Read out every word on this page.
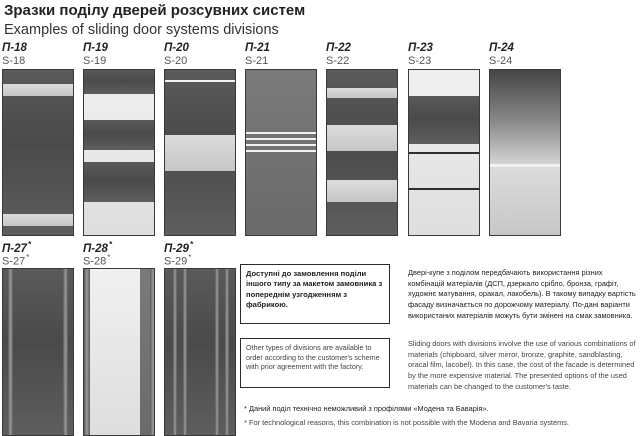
Зразки поділу дверей розсувних систем
Examples of sliding door systems divisions
П-18
S-18
П-19
S-19
П-20
S-20
П-21
S-21
П-22
S-22
П-23
S-23
П-24
S-24
П-27*
S-27*
П-28*
S-28*
П-29*
S-29*
Доступні до замовлення поділи іншого типу за макетом замовника з попереднім узгодженням з фабрикою.
Other types of divisions are available to order according to the customer's scheme with prior agreement with the factory.
Двері-купе з поділом передбачають використання різних комбінацій матеріалів (ДСП, дзеркало срібло, бронза, графіт, художнє матування, оракал, лакобель). В такому випадку вартість фасаду визначається по дорожчому матеріалу. По-дані варіанти використаних матеріалів можуть бути змінені на смак замовника.
Sliding doors with divisions involve the use of various combinations of materials (chipboard, silver mirror, bronze, graphite, sandblasting, oracal film, lacobel). In this case, the cost of the facade is determined by the more expensive material. The presented options of the used materials can be changed to the customer's taste.
* Даний поділ технічно неможливий з профілями «Модена та Баварія».
* For technological reasons, this combination is not possible with the Modena and Bavaria systems.
